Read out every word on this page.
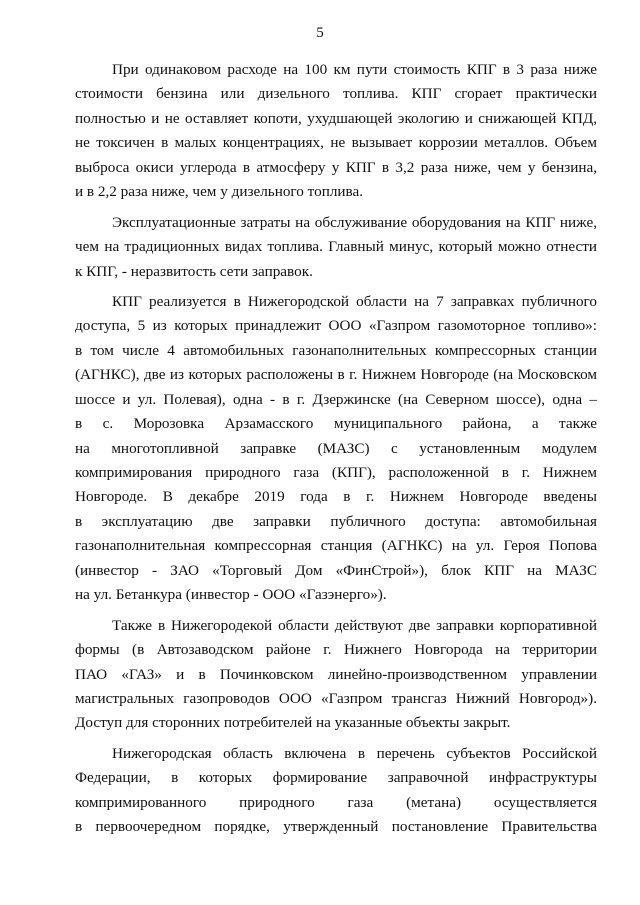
5
При одинаковом расходе на 100 км пути стоимость КПГ в 3 раза ниже
стоимости бензина или дизельного топлива. КПГ сгорает практически
полностью и не оставляет копоти, ухудшающей экологию и снижающей КПД,
не токсичен в малых концентрациях, не вызывает коррозии металлов. Объем
выброса окиси углерода в атмосферу у КПГ в 3,2 раза ниже, чем у бензина,
и в 2,2 раза ниже, чем у дизельного топлива.
Эксплуатационные затраты на обслуживание оборудования на КПГ ниже,
чем на традиционных видах топлива. Главный минус, который можно отнести
к КПГ, - неразвитость сети заправок.
КПГ реализуется в Нижегородской области на 7 заправках публичного
доступа, 5 из которых принадлежит ООО «Газпром газомоторное топливо»:
в том числе 4 автомобильных газонаполнительных компрессорных станции
(АГНКС), две из которых расположены в г. Нижнем Новгороде (на Московском
шоссе и ул. Полевая), одна - в г. Дзержинске (на Северном шоссе), одна –
в с. Морозовка Арзамасского муниципального района, а также
на многотопливной заправке (МАЗС) с установленным модулем
компримирования природного газа (КПГ), расположенной в г. Нижнем
Новгороде. В декабре 2019 года в г. Нижнем Новгороде введены
в эксплуатацию две заправки публичного доступа: автомобильная
газонаполнительная компрессорная станция (АГНКС) на ул. Героя Попова
(инвестор - ЗАО «Торговый Дом «ФинСтрой»), блок КПГ на МАЗС
на ул. Бетанкура (инвестор - ООО «Газэнерго»).
Также в Нижегородекой области действуют две заправки корпоративной
формы (в Автозаводском районе г. Нижнего Новгорода на территории
ПАО «ГАЗ» и в Починковском линейно-производственном управлении
магистральных газопроводов ООО «Газпром трансгаз Нижний Новгород»).
Доступ для сторонних потребителей на указанные объекты закрыт.
Нижегородская область включена в перечень субъектов Российской
Федерации, в которых формирование заправочной инфраструктуры
компримированного природного газа (метана) осуществляется
в первоочередном порядке, утвержденный постановление Правительства
